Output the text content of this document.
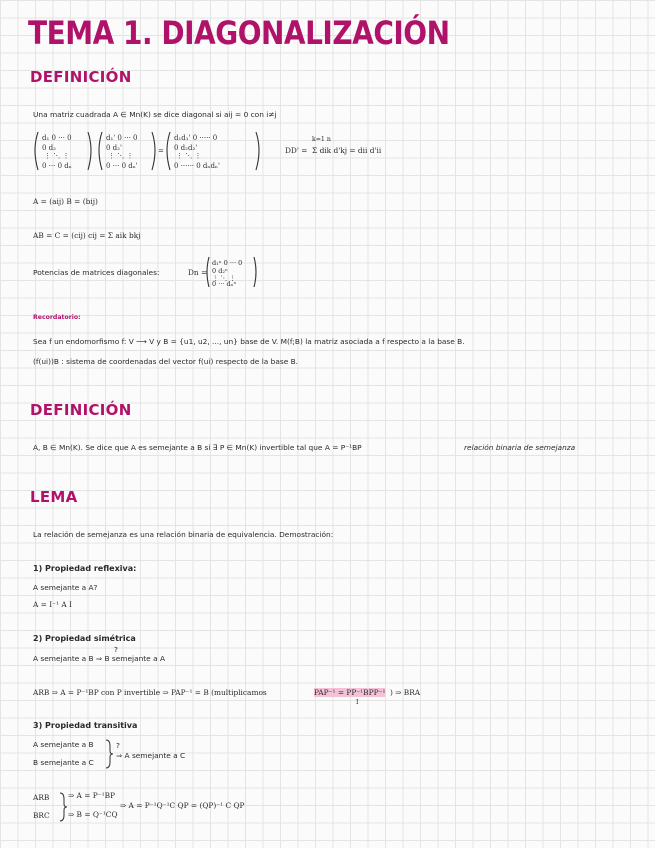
TEMA 1. DIAGONALIZACIÓN
DEFINICIÓN
Una matriz cuadrada A ∈ Mn(K) se dice diagonal si aij = 0 con i≠j
d₁ 0 ··· 0
0 d₂
⋮ ⋱ ⋮
0 ··· 0 dₙ
d₁' 0 ··· 0
0 d₂'
⋮ ⋱ ⋮
0 ··· 0 dₙ'
=
d₁d₁' 0 ····· 0
0 d₂d₂'
⋮ ⋱ ⋮
0 ······ 0 dₙdₙ'
DD' = Σ dik d'kj = dii d'ii
k=1 n
A = (aij) B = (bij)
AB = C = (cij) cij = Σ aik bkj
Potencias de matrices diagonales:	Dn =
d₁ⁿ 0 ··· 0
0 d₂ⁿ
⋮ ⋱ ⋮
0 ··· dₙⁿ
Recordatorio:
Sea f un endomorfismo f: V ⟶ V y B = {u1, u2, ..., un} base de V. M(f;B) la matriz asociada a f respecto a la base B.
(f(ui))B : sistema de coordenadas del vector f(ui) respecto de la base B.
DEFINICIÓN
A, B ∈ Mn(K). Se dice que A es semejante a B si ∃ P ∈ Mn(K) invertible tal que A = P⁻¹BP	relación binaria de semejanza
LEMA
La relación de semejanza es una relación binaria de equivalencia. Demostración:
1) Propiedad reflexiva:
A semejante a A?
A = I⁻¹ A I
2) Propiedad simétrica
?
A semejante a B ⇒ B semejante a A
ARB ⇒ A = P⁻¹BP con P invertible ⇒ PAP⁻¹ = B (multiplicamos	PAP⁻¹ = PP⁻¹BPP⁻¹ ) ⇒ BRA
I
3) Propiedad transitiva
A semejante a B
B semejante a C
?
⇒ A semejante a C
ARB
BRC
⇒ A = P⁻¹BP
⇒ B = Q⁻¹CQ
⇒ A = P⁻¹Q⁻¹C QP = (QP)⁻¹ C QP
